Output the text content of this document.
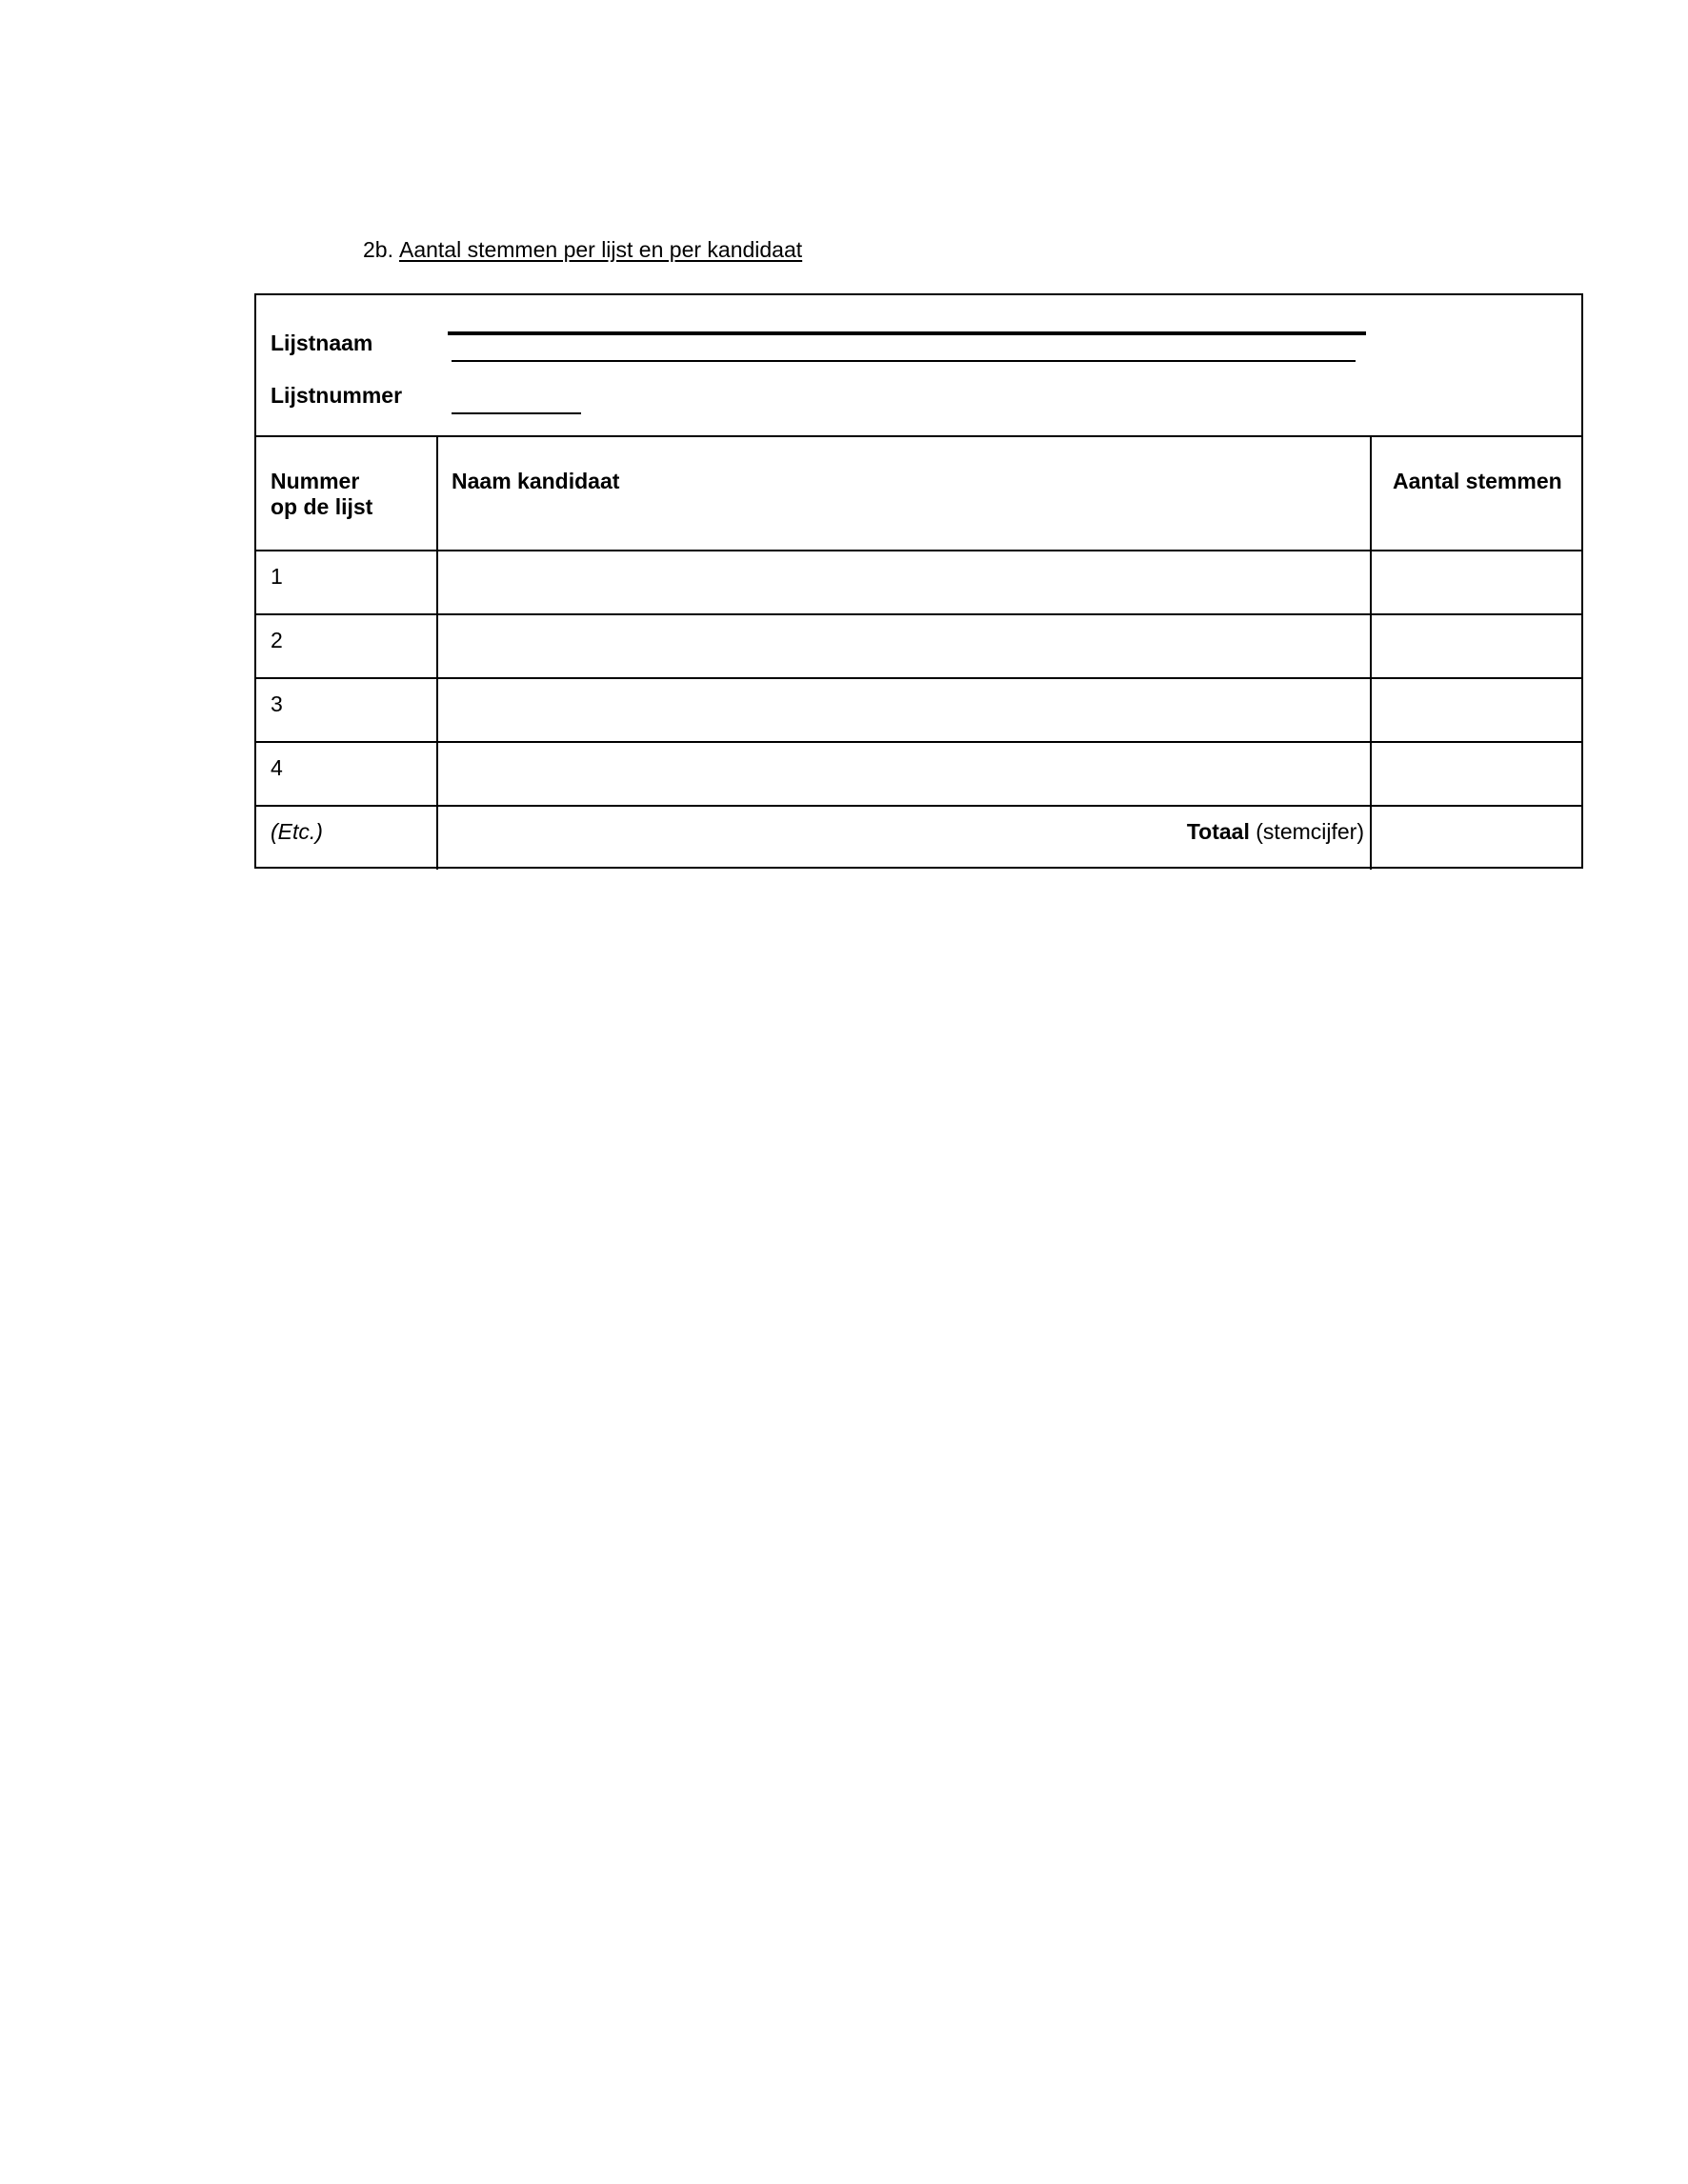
2b. Aantal stemmen per lijst en per kandidaat
Lijstnaam
Lijstnummer
Nummer
op de lijst
Naam kandidaat	Aantal stemmen
1
2
3
4
(Etc.)	Totaal (stemcijfer)
